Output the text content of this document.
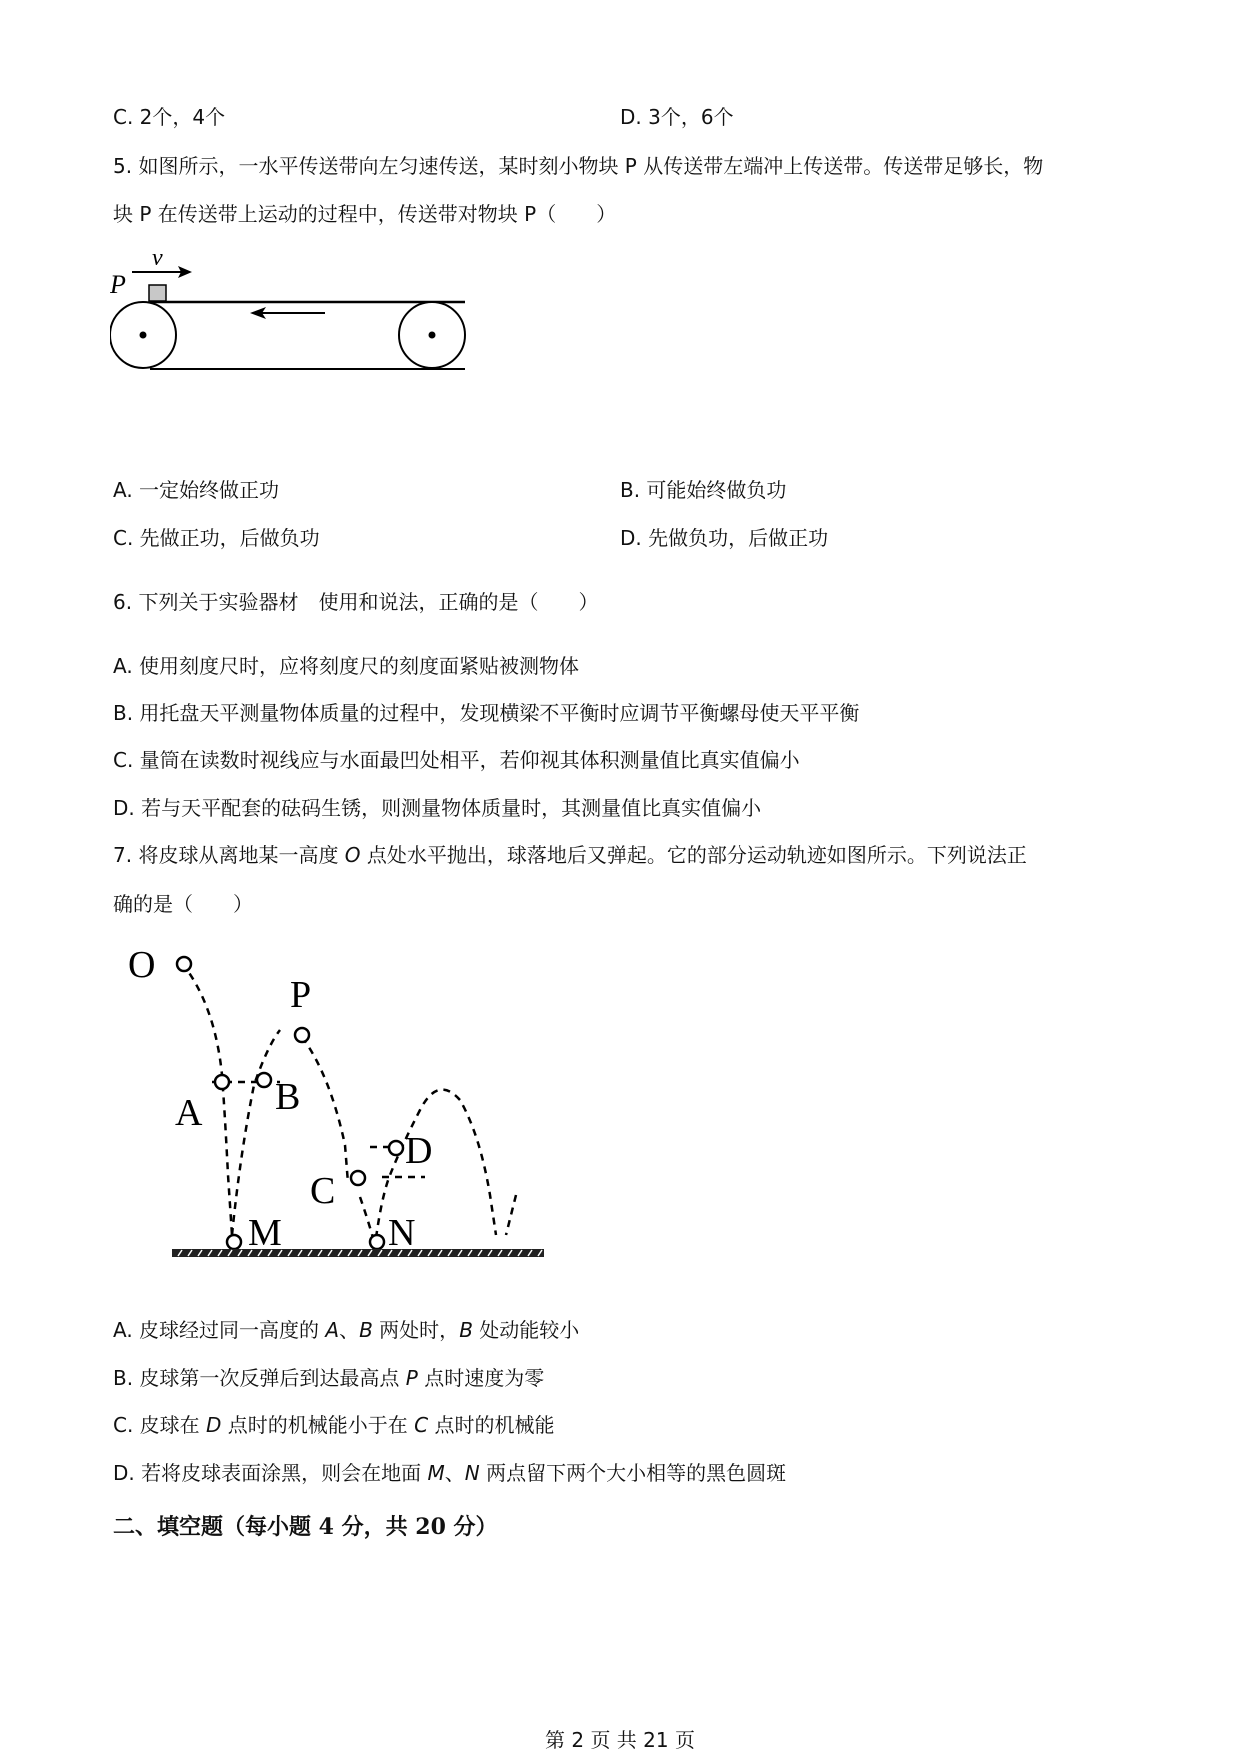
C. 2个，4个	D. 3个，6个
5. 如图所示，一水平传送带向左匀速传送，某时刻小物块 P 从传送带左端冲上传送带。传送带足够长，物
块 P 在传送带上运动的过程中，传送带对物块 P（　　）
v
P
A. 一定始终做正功	B. 可能始终做负功
C. 先做正功，后做负功	D. 先做负功，后做正功
6. 下列关于实验器材　使用和说法，正确的是（　　）
A. 使用刻度尺时，应将刻度尺的刻度面紧贴被测物体
B. 用托盘天平测量物体质量的过程中，发现横梁不平衡时应调节平衡螺母使天平平衡
C. 量筒在读数时视线应与水面最凹处相平，若仰视其体积测量值比真实值偏小
D. 若与天平配套的砝码生锈，则测量物体质量时，其测量值比真实值偏小
7. 将皮球从离地某一高度 O 点处水平抛出，球落地后又弹起。它的部分运动轨迹如图所示。下列说法正
确的是（　　）
O
P
A B
C
D
M	N
A. 皮球经过同一高度的 A、B 两处时，B 处动能较小
B. 皮球第一次反弹后到达最高点 P 点时速度为零
C. 皮球在 D 点时的机械能小于在 C 点时的机械能
D. 若将皮球表面涂黑，则会在地面 M、N 两点留下两个大小相等的黑色圆斑
二、填空题（每小题 4 分，共 20 分）
第 2 页 共 21 页
